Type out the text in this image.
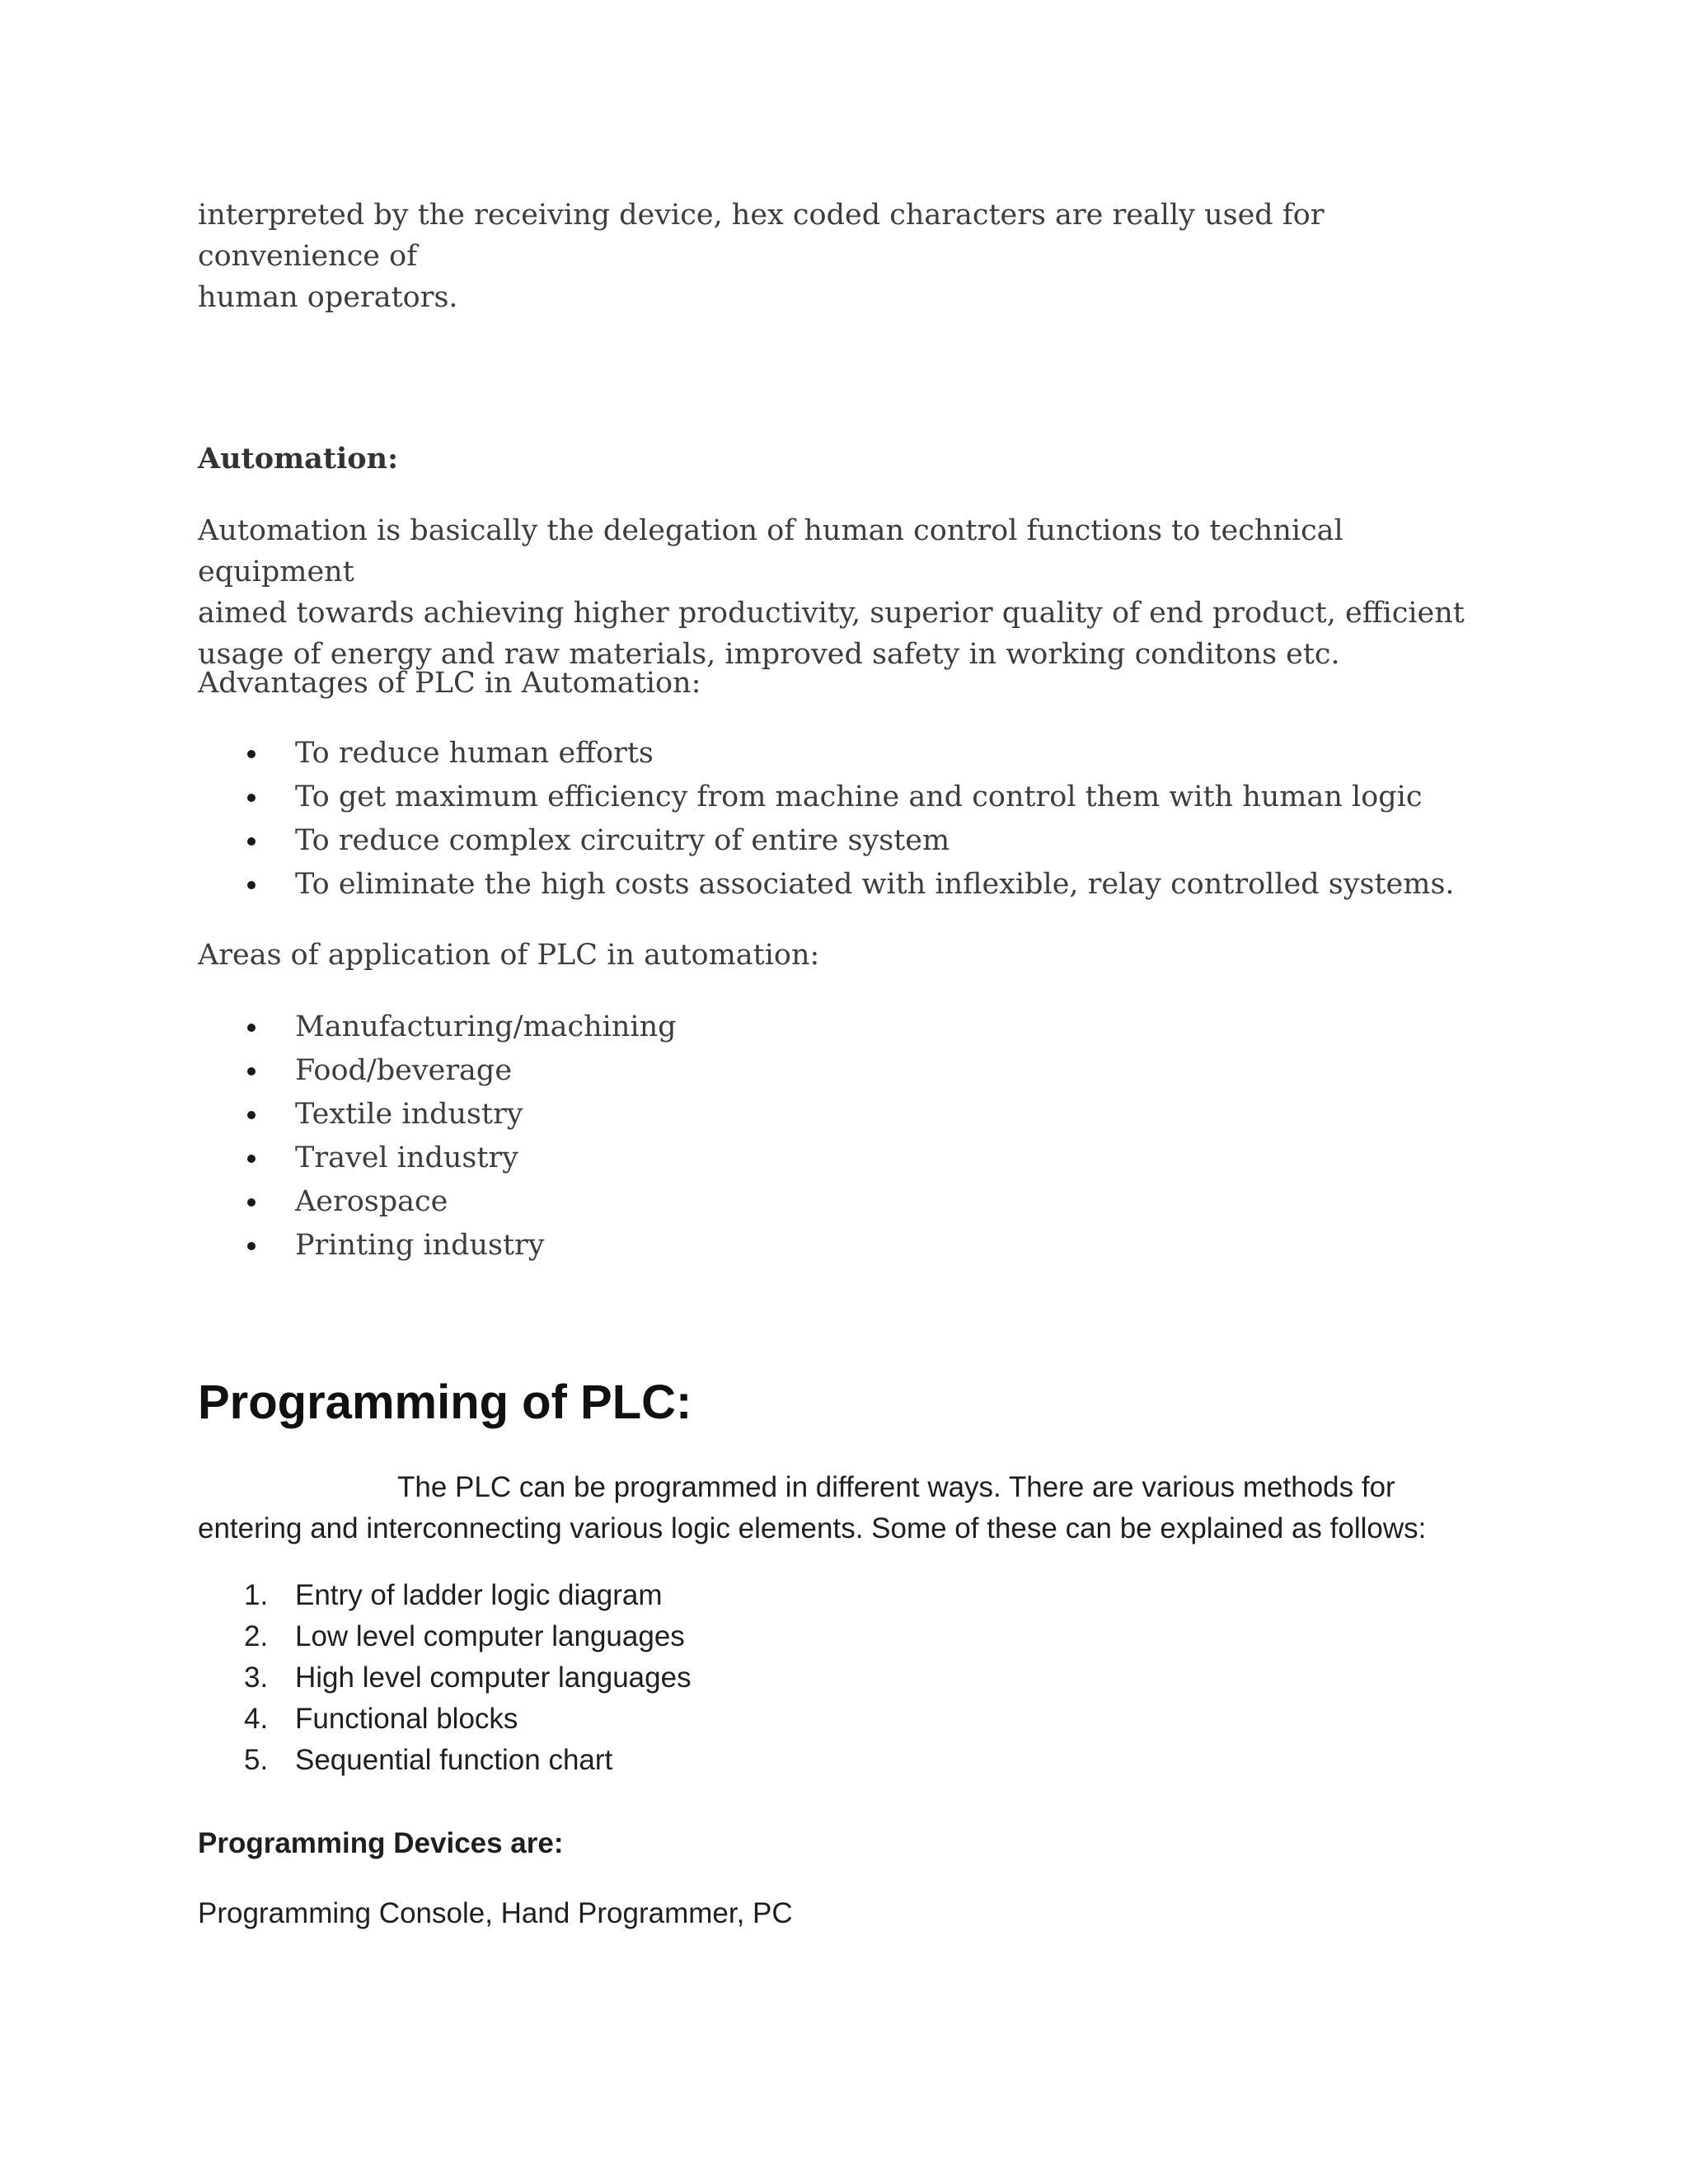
interpreted by the receiving device, hex coded characters are really used for convenience of
human operators.
Automation:
Automation is basically the delegation of human control functions to technical equipment
aimed towards achieving higher productivity, superior quality of end product, efficient
usage of energy and raw materials, improved safety in working conditons etc.
Advantages of PLC in Automation:
To reduce human efforts
To get maximum efficiency from machine and control them with human logic
To reduce complex circuitry of entire system
To eliminate the high costs associated with inflexible, relay controlled systems.
Areas of application of PLC in automation:
Manufacturing/machining
Food/beverage
Textile industry
Travel industry
Aerospace
Printing industry
Programming of PLC:
The PLC can be programmed in different ways. There are various methods for
entering and interconnecting various logic elements. Some of these can be explained as follows:
1. Entry of ladder logic diagram
2. Low level computer languages
3. High level computer languages
4. Functional blocks
5. Sequential function chart
Programming Devices are:
Programming Console, Hand Programmer, PC
